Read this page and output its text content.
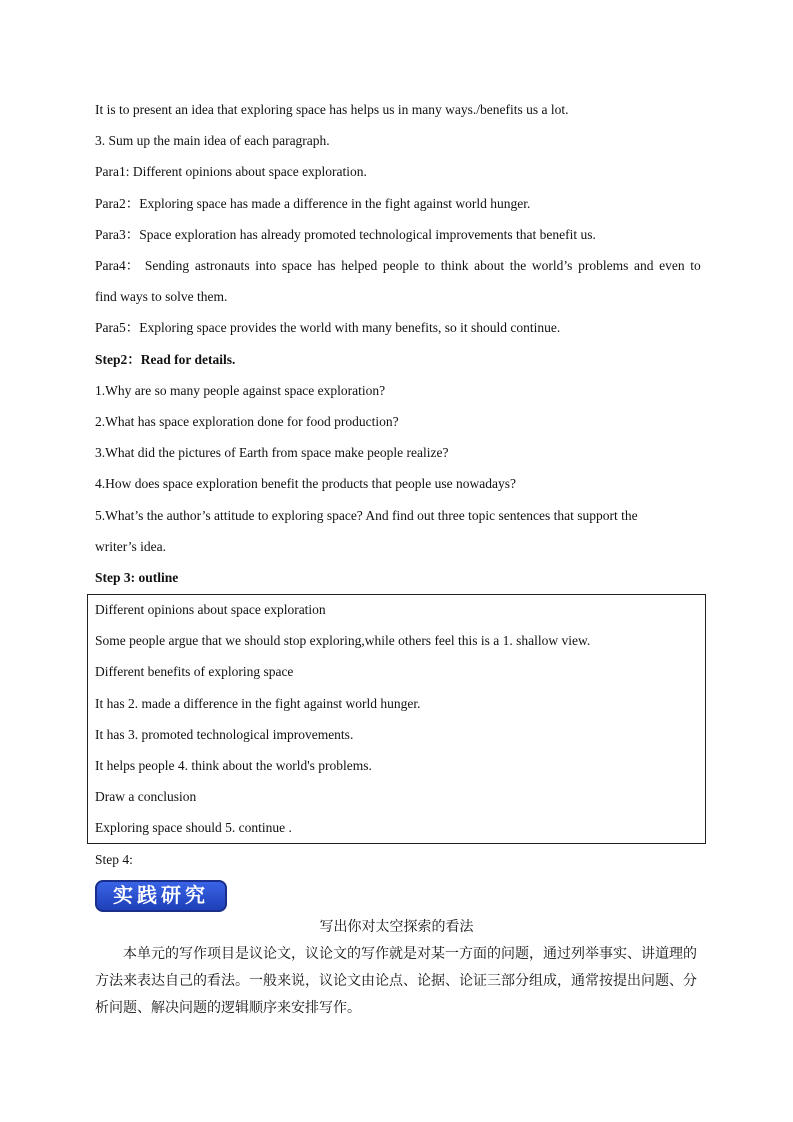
It is to present an idea that exploring space has helps us in many ways./benefits us a lot.
3. Sum up the main idea of each paragraph.
Para1: Different opinions about space exploration.
Para2：Exploring space has made a difference in the fight against world hunger.
Para3：Space exploration has already promoted technological improvements that benefit us.
Para4： Sending astronauts into space has helped people to think about the world’s problems and even to
find ways to solve them.
Para5：Exploring space provides the world with many benefits, so it should continue.
Step2：Read for details.
1.Why are so many people against space exploration?
2.What has space exploration done for food production?
3.What did the pictures of Earth from space make people realize?
4.How does space exploration benefit the products that people use nowadays?
5.What’s the author’s attitude to exploring space? And find out three topic sentences that support the
writer’s idea.
Step 3: outline
Different opinions about space exploration
Some people argue that we should stop exploring,while others feel this is a 1. shallow view.
Different benefits of exploring space
It has 2. made a difference in the fight against world hunger.
It has 3. promoted technological improvements.
It helps people 4. think about the world's problems.
Draw a conclusion
Exploring space should 5. continue .
Step 4:
实践研究
写出你对太空探索的看法
本单元的写作项目是议论文，议论文的写作就是对某一方面的问题，通过列举事实、讲道理的
方法来表达自己的看法。一般来说，议论文由论点、论据、论证三部分组成，通常按提出问题、分
析问题、解决问题的逻辑顺序来安排写作。
